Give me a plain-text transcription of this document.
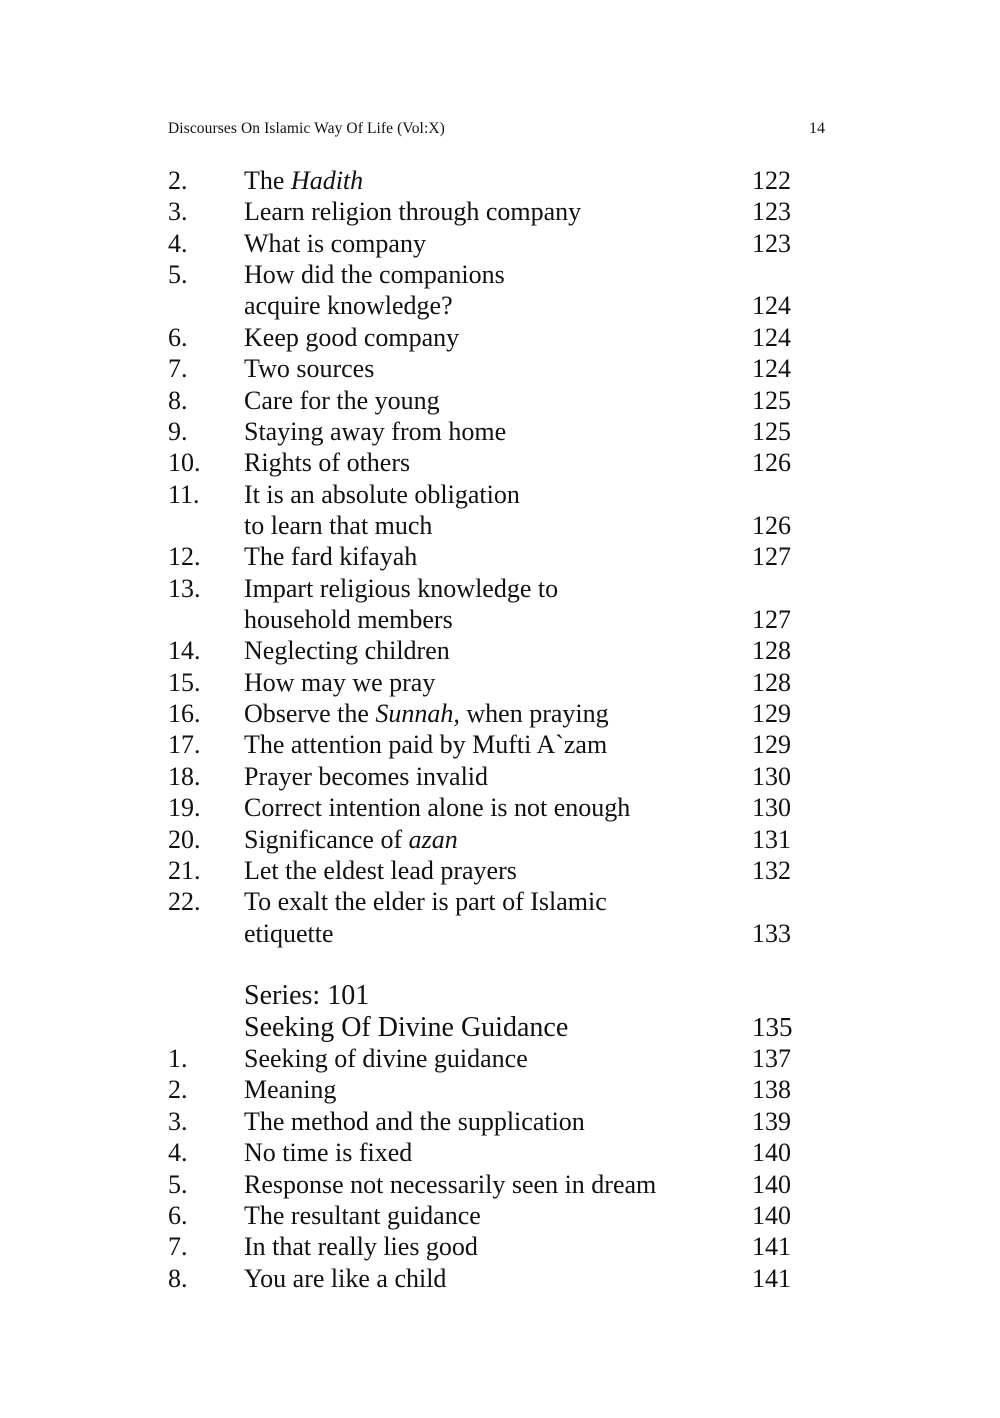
Discourses On Islamic Way Of Life (Vol:X)	14
2. The Hadith	122
3. Learn religion through company	123
4. What is company	123
5. How did the companions
acquire knowledge?	124
6. Keep good company	124
7. Two sources	124
8. Care for the young	125
9. Staying away from home	125
10. Rights of others	126
11. It is an absolute obligation
to learn that much	126
12. The fard kifayah	127
13. Impart religious knowledge to
household members	127
14. Neglecting children	128
15. How may we pray	128
16. Observe the Sunnah, when praying	129
17. The attention paid by Mufti A`zam	129
18. Prayer becomes invalid	130
19. Correct intention alone is not enough	130
20. Significance of azan	131
21. Let the eldest lead prayers	132
22. To exalt the elder is part of Islamic
etiquette	133
Series: 101
Seeking Of Divine Guidance	135
1. Seeking of divine guidance	137
2. Meaning	138
3. The method and the supplication	139
4. No time is fixed	140
5. Response not necessarily seen in dream	140
6. The resultant guidance	140
7. In that really lies good	141
8. You are like a child	141
